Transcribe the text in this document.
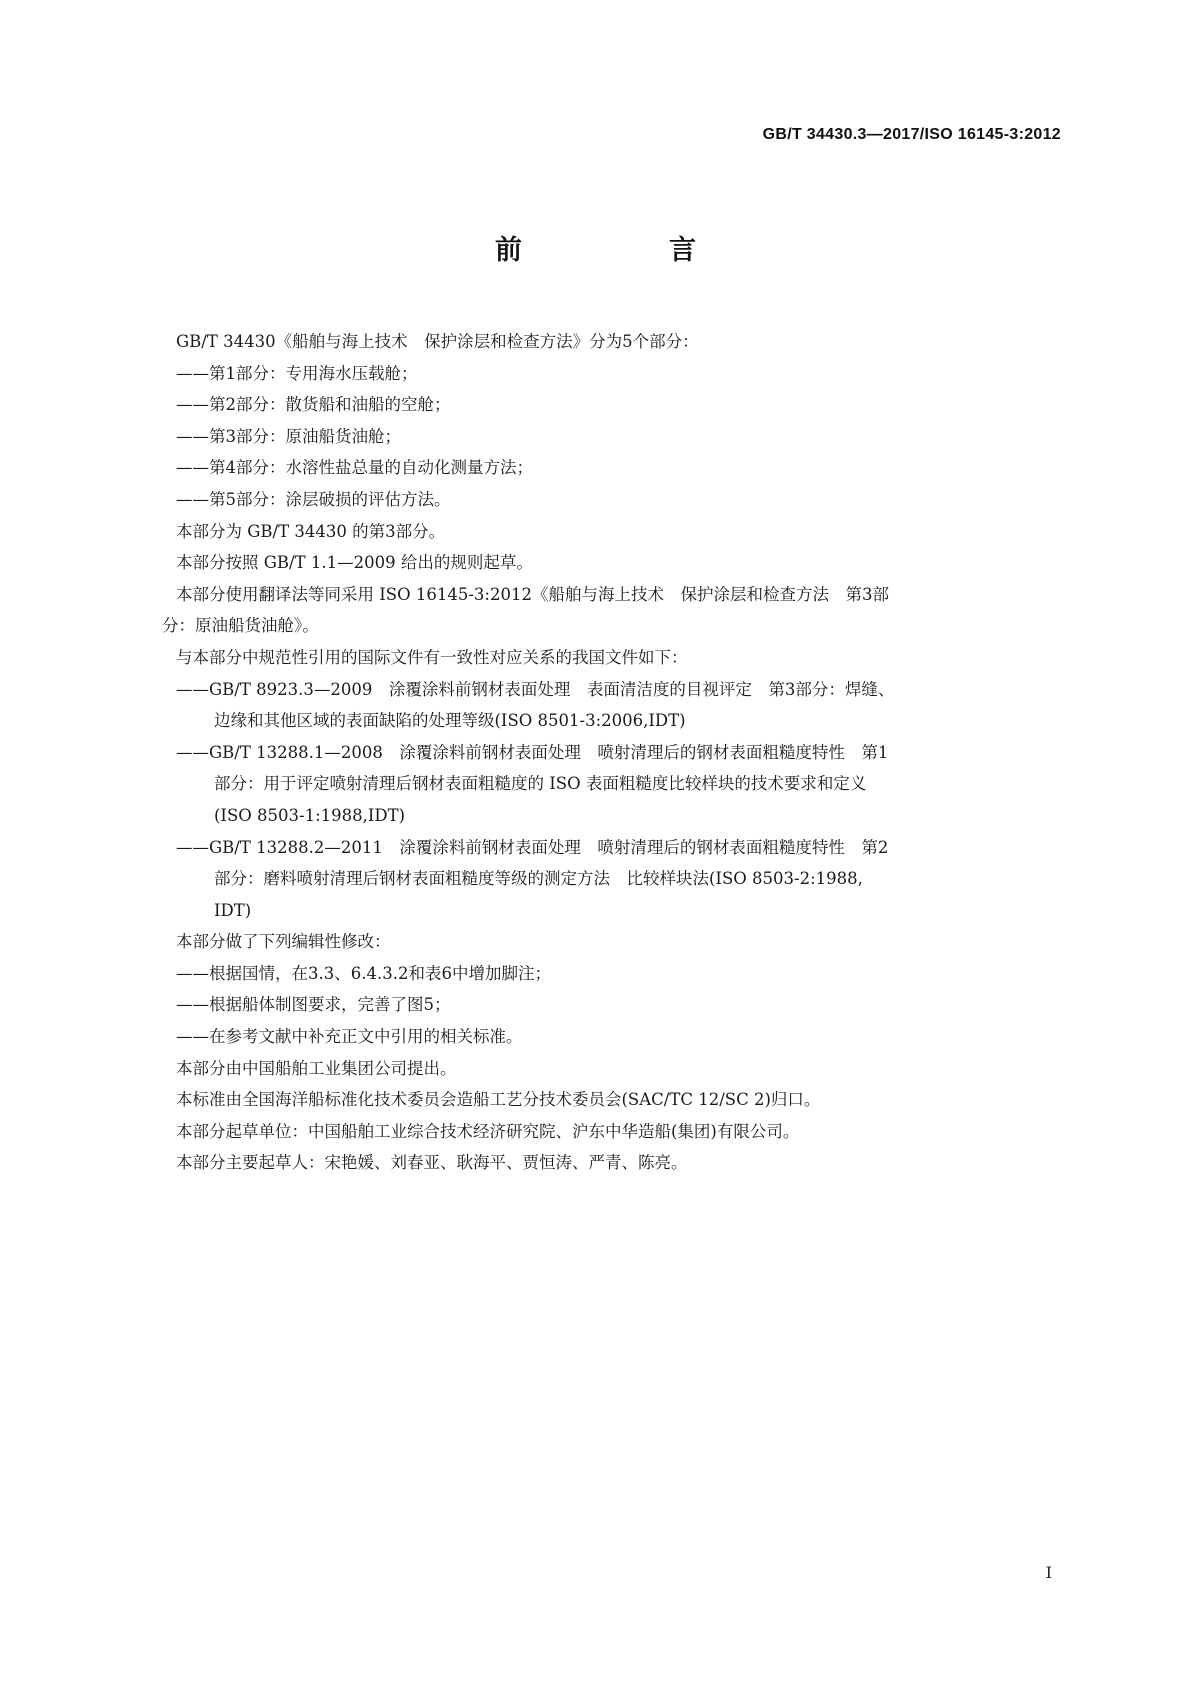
GB/T 34430.3—2017/ISO 16145-3:2012
前　言

GB/T 34430《船舶与海上技术　保护涂层和检查方法》分为5个部分：

——第1部分：专用海水压载舱；

——第2部分：散货船和油船的空舱；

——第3部分：原油船货油舱；

——第4部分：水溶性盐总量的自动化测量方法；

——第5部分：涂层破损的评估方法。

本部分为 GB/T 34430 的第3部分。

本部分按照 GB/T 1.1—2009 给出的规则起草。

本部分使用翻译法等同采用 ISO 16145-3:2012《船舶与海上技术　保护涂层和检查方法　第3部

分：原油船货油舱》。

与本部分中规范性引用的国际文件有一致性对应关系的我国文件如下：

——GB/T 8923.3—2009　涂覆涂料前钢材表面处理　表面清洁度的目视评定　第3部分：焊缝、

边缘和其他区域的表面缺陷的处理等级(ISO 8501-3:2006,IDT)

——GB/T 13288.1—2008　涂覆涂料前钢材表面处理　喷射清理后的钢材表面粗糙度特性　第1

部分：用于评定喷射清理后钢材表面粗糙度的 ISO 表面粗糙度比较样块的技术要求和定义

(ISO 8503-1:1988,IDT)

——GB/T 13288.2—2011　涂覆涂料前钢材表面处理　喷射清理后的钢材表面粗糙度特性　第2

部分：磨料喷射清理后钢材表面粗糙度等级的测定方法　比较样块法(ISO 8503-2:1988,

IDT)

本部分做了下列编辑性修改：

——根据国情，在3.3、6.4.3.2和表6中增加脚注；

——根据船体制图要求，完善了图5；

——在参考文献中补充正文中引用的相关标准。

本部分由中国船舶工业集团公司提出。

本标准由全国海洋船标准化技术委员会造船工艺分技术委员会(SAC/TC 12/SC 2)归口。

本部分起草单位：中国船舶工业综合技术经济研究院、沪东中华造船(集团)有限公司。

本部分主要起草人：宋艳媛、刘春亚、耿海平、贾恒涛、严青、陈亮。

I
